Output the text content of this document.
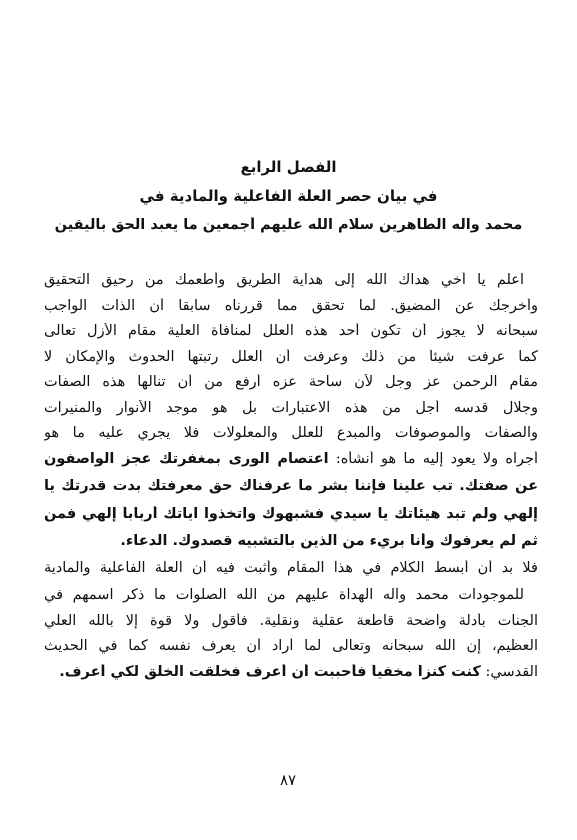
الفصل الرابع
في بيان حصر العلة الفاعلية والمادية في
محمد وآله الطاهرين سلام الله عليهم أجمعين ما يعبد الحق باليقين
اعلم يا أخي هداك الله إلى هداية الطريق وأطعمك من رحيق التحقيق
وأخرجك عن المضيق. لما تحقق مما قررناه سابقا أن الذات الواجب
سبحانه لا يجوز أن تكون أحد هذه العلل لمنافاة العلية مقام الأزل تعالى
كما عرفت شيئاً من ذلك وعرفت أن العلل رتبتها الحدوث والإمكان لا
مقام الرحمن عز وجل لأن ساحة عزه أرفع من أن تنالها هذه الصفات
وجلال قدسه أجل من هذه الاعتبارات بل هو موجد الأنوار والمنيرات
والصفات والموصوفات والمبدع للعلل والمعلولات فلا يجري عليه ما هو
أجراه ولا يعود إليه ما هو أنشأه: اعتصام الورى بمغفرتك عجز الواصفون
عن صفتك. تب علينا فإننا بشر ما عرفناك حق معرفتك بدت قدرتك يا
إلهي ولم تبد هيئاتك يا سيدي فشبهوك واتخذوا آياتك أرباباً إلهي فمن
ثم لم يعرفوك وأنا بريء من الذين بالتشبيه قصدوك. الدعاء.
فلا بد أن أبسط الكلام في هذا المقام وأثبت فيه أن العلة الفاعلية والمادية
للموجودات محمد وآله الهداة عليهم من الله الصلوات ما ذكر اسمهم في
الجنات بأدلة واضحة قاطعة عقلية ونقلية. فأقول ولا قوة إلا بالله العلي
العظيم، إن الله سبحانه وتعالى لما أراد أن يعرف نفسه كما في الحديث
القدسي: كنت كنزاً مخفياً فأحببت أن أعرف فخلقت الخلق لكي أعرف.
٨٧
